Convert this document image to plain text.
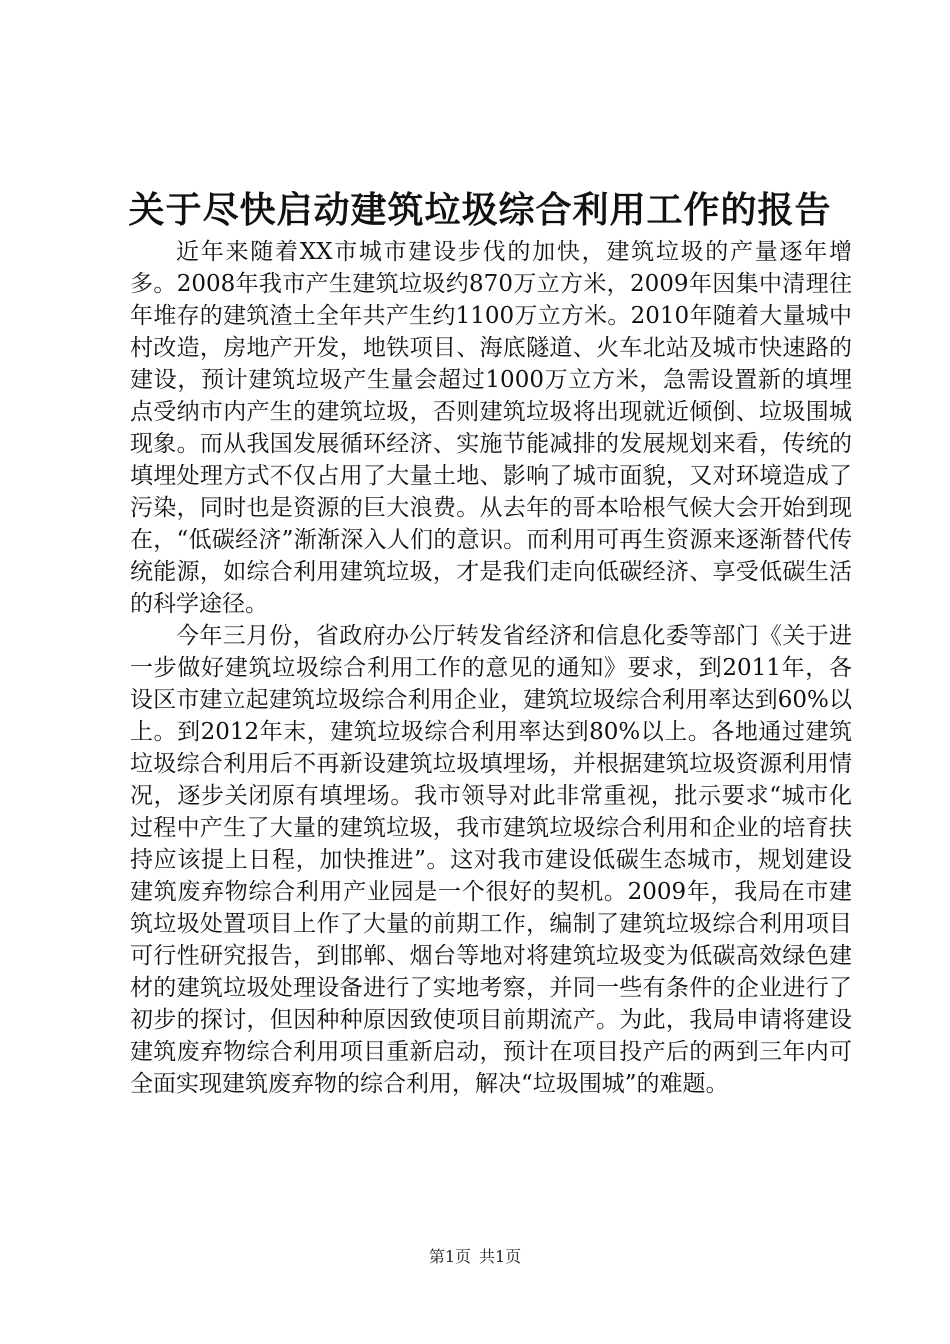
关于尽快启动建筑垃圾综合利用工作的报告

近年来随着XX市城市建设步伐的加快，建筑垃圾的产量逐年增多。2008年我市产生建筑垃圾约870万立方米，2009年因集中清理往年堆存的建筑渣土全年共产生约1100万立方米。2010年随着大量城中村改造，房地产开发，地铁项目、海底隧道、火车北站及城市快速路的建设，预计建筑垃圾产生量会超过1000万立方米，急需设置新的填埋点受纳市内产生的建筑垃圾，否则建筑垃圾将出现就近倾倒、垃圾围城现象。而从我国发展循环经济、实施节能减排的发展规划来看，传统的填埋处理方式不仅占用了大量土地、影响了城市面貌，又对环境造成了污染，同时也是资源的巨大浪费。从去年的哥本哈根气候大会开始到现在，“低碳经济”渐渐深入人们的意识。而利用可再生资源来逐渐替代传统能源，如综合利用建筑垃圾，才是我们走向低碳经济、享受低碳生活的科学途径。

今年三月份，省政府办公厅转发省经济和信息化委等部门《关于进一步做好建筑垃圾综合利用工作的意见的通知》要求，到2011年，各设区市建立起建筑垃圾综合利用企业，建筑垃圾综合利用率达到60%以上。到2012年末，建筑垃圾综合利用率达到80%以上。各地通过建筑垃圾综合利用后不再新设建筑垃圾填埋场，并根据建筑垃圾资源利用情况，逐步关闭原有填埋场。我市领导对此非常重视，批示要求“城市化过程中产生了大量的建筑垃圾，我市建筑垃圾综合利用和企业的培育扶持应该提上日程，加快推进”。这对我市建设低碳生态城市，规划建设建筑废弃物综合利用产业园是一个很好的契机。2009年，我局在市建筑垃圾处置项目上作了大量的前期工作，编制了建筑垃圾综合利用项目可行性研究报告，到邯郸、烟台等地对将建筑垃圾变为低碳高效绿色建材的建筑垃圾处理设备进行了实地考察，并同一些有条件的企业进行了初步的探讨，但因种种原因致使项目前期流产。为此，我局申请将建设建筑废弃物综合利用项目重新启动，预计在项目投产后的两到三年内可全面实现建筑废弃物的综合利用，解决“垃圾围城”的难题。

第1页 共1页
